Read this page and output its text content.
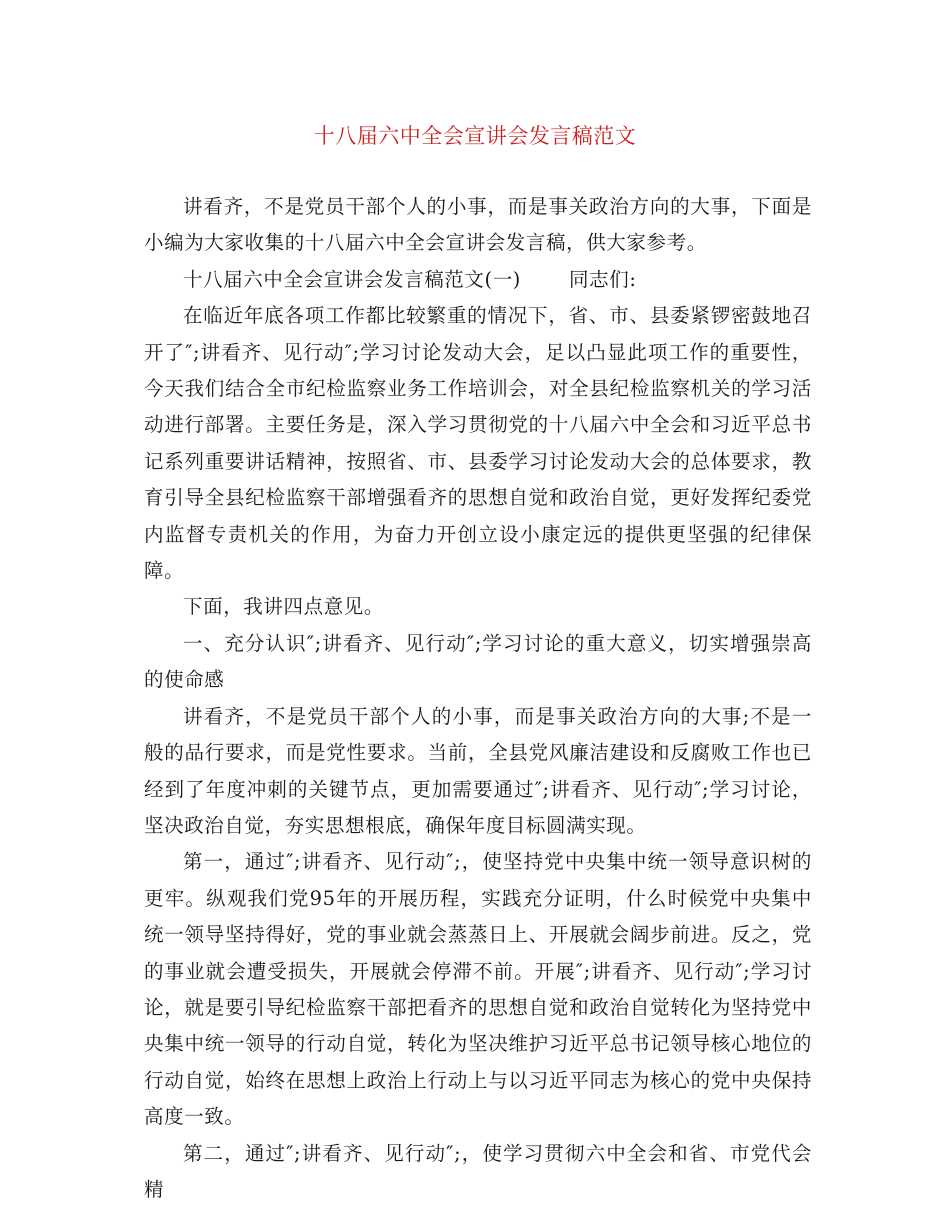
十八届六中全会宣讲会发言稿范文

讲看齐，不是党员干部个人的小事，而是事关政治方向的大事，下面是小编为大家收集的十八届六中全会宣讲会发言稿，供大家参考。

十八届六中全会宣讲会发言稿范文(一) 同志们:

在临近年底各项工作都比较繁重的情况下，省、市、县委紧锣密鼓地召开了″;讲看齐、见行动″;学习讨论发动大会，足以凸显此项工作的重要性，今天我们结合全市纪检监察业务工作培训会，对全县纪检监察机关的学习活动进行部署。主要任务是，深入学习贯彻党的十八届六中全会和习近平总书记系列重要讲话精神，按照省、市、县委学习讨论发动大会的总体要求，教育引导全县纪检监察干部增强看齐的思想自觉和政治自觉，更好发挥纪委党内监督专责机关的作用，为奋力开创立设小康定远的提供更坚强的纪律保障。

下面，我讲四点意见。

一、充分认识″;讲看齐、见行动″;学习讨论的重大意义，切实增强崇高的使命感

讲看齐，不是党员干部个人的小事，而是事关政治方向的大事;不是一般的品行要求，而是党性要求。当前，全县党风廉洁建设和反腐败工作也已经到了年度冲刺的关键节点，更加需要通过″;讲看齐、见行动″;学习讨论，坚决政治自觉，夯实思想根底，确保年度目标圆满实现。

第一，通过″;讲看齐、见行动″;，使坚持党中央集中统一领导意识树的更牢。纵观我们党95年的开展历程，实践充分证明，什么时候党中央集中统一领导坚持得好，党的事业就会蒸蒸日上、开展就会阔步前进。反之，党的事业就会遭受损失，开展就会停滞不前。开展″;讲看齐、见行动″;学习讨论，就是要引导纪检监察干部把看齐的思想自觉和政治自觉转化为坚持党中央集中统一领导的行动自觉，转化为坚决维护习近平总书记领导核心地位的行动自觉，始终在思想上政治上行动上与以习近平同志为核心的党中央保持高度一致。

第二，通过″;讲看齐、见行动″;，使学习贯彻六中全会和省、市党代会精
